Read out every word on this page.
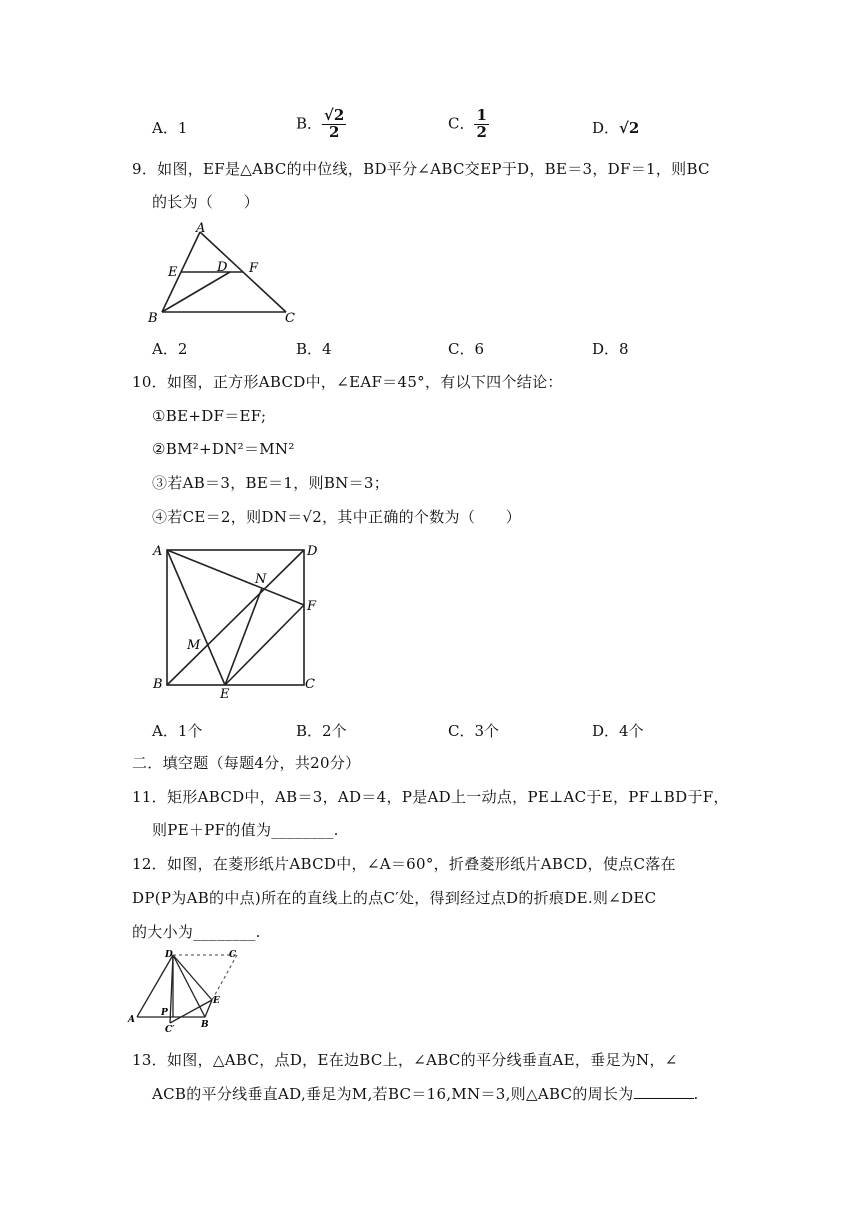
A．1	B． $\frac{√2}{2}$	C． $\frac{1}{2}$	D．√2
9．如图，EF是△ABC的中位线，BD平分∠ABC交EP于D，BE＝3，DF＝1，则BC
的长为（　　）
A
E	D F
B	C
A．2	B．4	C．6	D．8
10．如图，正方形ABCD中，∠EAF＝45°，有以下四个结论：
①BE+DF＝EF;
②BM²+DN²＝MN²
③若AB＝3，BE＝1，则BN＝3；
④若CE＝2，则DN＝√2，其中正确的个数为（　　）
A	D
N
F
M
B
E
C
A．1个	B．2个	C．3个	D．4个
二．填空题（每题4分，共20分）
11．矩形ABCD中，AB＝3，AD＝4，P是AD上一动点，PE⊥AC于E，PF⊥BD于F，
则PE＋PF的值为________.
12．如图，在菱形纸片ABCD中，∠A＝60°，折叠菱形纸片ABCD，使点C落在
DP(P为AB的中点)所在的直线上的点C′处，得到经过点D的折痕DE.则∠DEC
的大小为________.
D	C
E
A
P
B
C′
13．如图，△ABC，点D，E在边BC上，∠ABC的平分线垂直AE，垂足为N，∠
ACB的平分线垂直AD,垂足为M,若BC＝16,MN＝3,则△ABC的周长为	.
